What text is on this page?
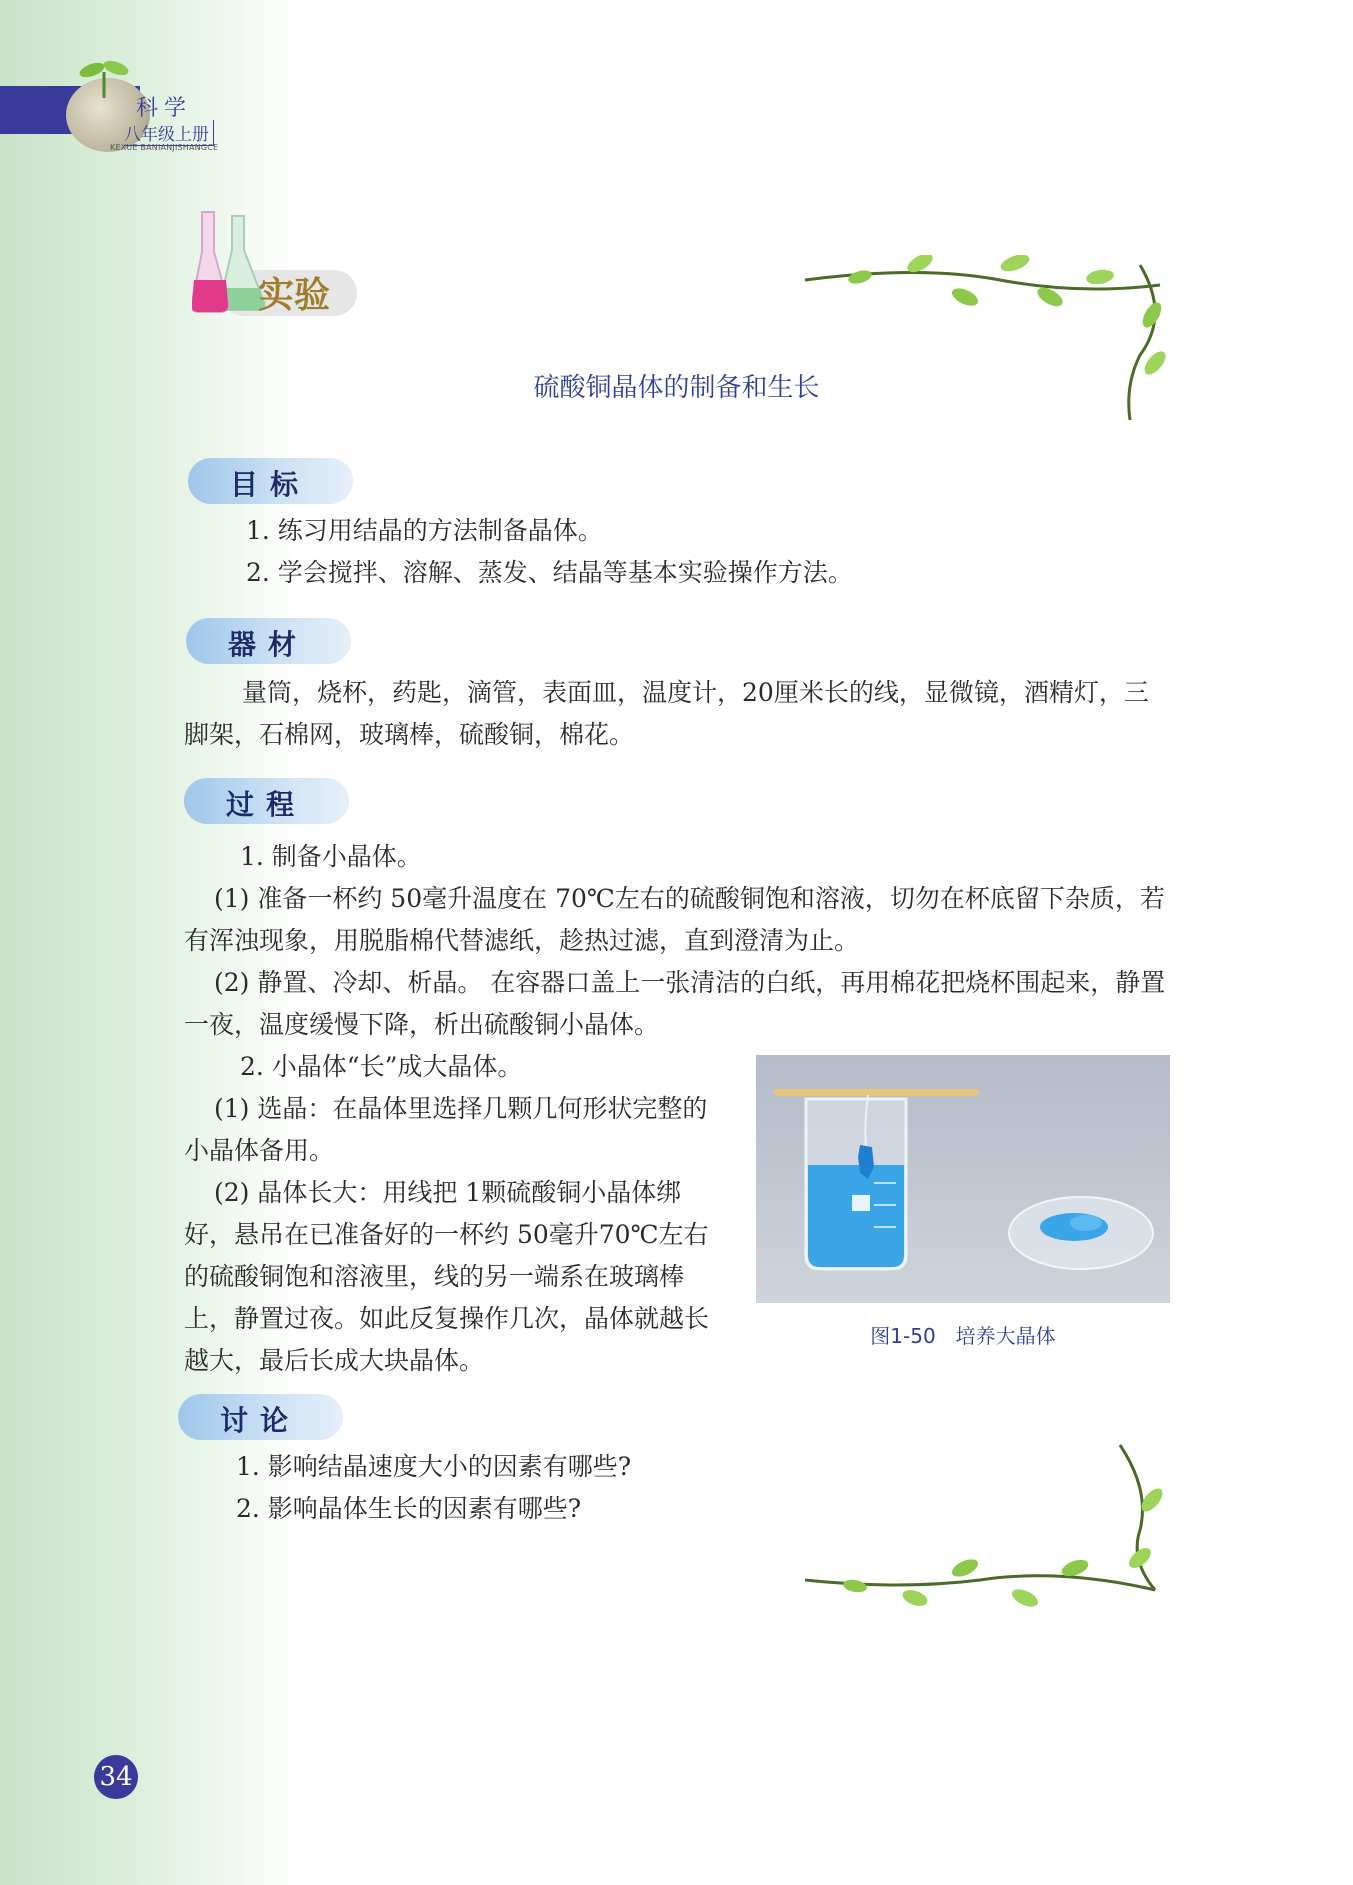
科学
八年级上册
KEXUE BANIANJISHANGCE
实验
硫酸铜晶体的制备和生长
目标

1. 练习用结晶的方法制备晶体。

2. 学会搅拌、溶解、蒸发、结晶等基本实验操作方法。

器材

量筒，烧杯，药匙，滴管，表面皿，温度计，20厘米长的线，显微镜，酒精灯，三脚架，石棉网，玻璃棒，硫酸铜，棉花。

过程

1. 制备小晶体。

(1) 准备一杯约 50毫升温度在 70℃左右的硫酸铜饱和溶液，切勿在杯底留下杂质，若有浑浊现象，用脱脂棉代替滤纸，趁热过滤，直到澄清为止。

(2) 静置、冷却、析晶。 在容器口盖上一张清洁的白纸，再用棉花把烧杯围起来，静置一夜，温度缓慢下降，析出硫酸铜小晶体。

2. 小晶体“长”成大晶体。

(1) 选晶：在晶体里选择几颗几何形状完整的小晶体备用。

(2) 晶体长大：用线把 1颗硫酸铜小晶体绑好，悬吊在已准备好的一杯约 50毫升70℃左右的硫酸铜饱和溶液里，线的另一端系在玻璃棒上，静置过夜。如此反复操作几次，晶体就越长越大，最后长成大块晶体。

图1-50　培养大晶体
讨论

1. 影响结晶速度大小的因素有哪些?

2. 影响晶体生长的因素有哪些?

34
